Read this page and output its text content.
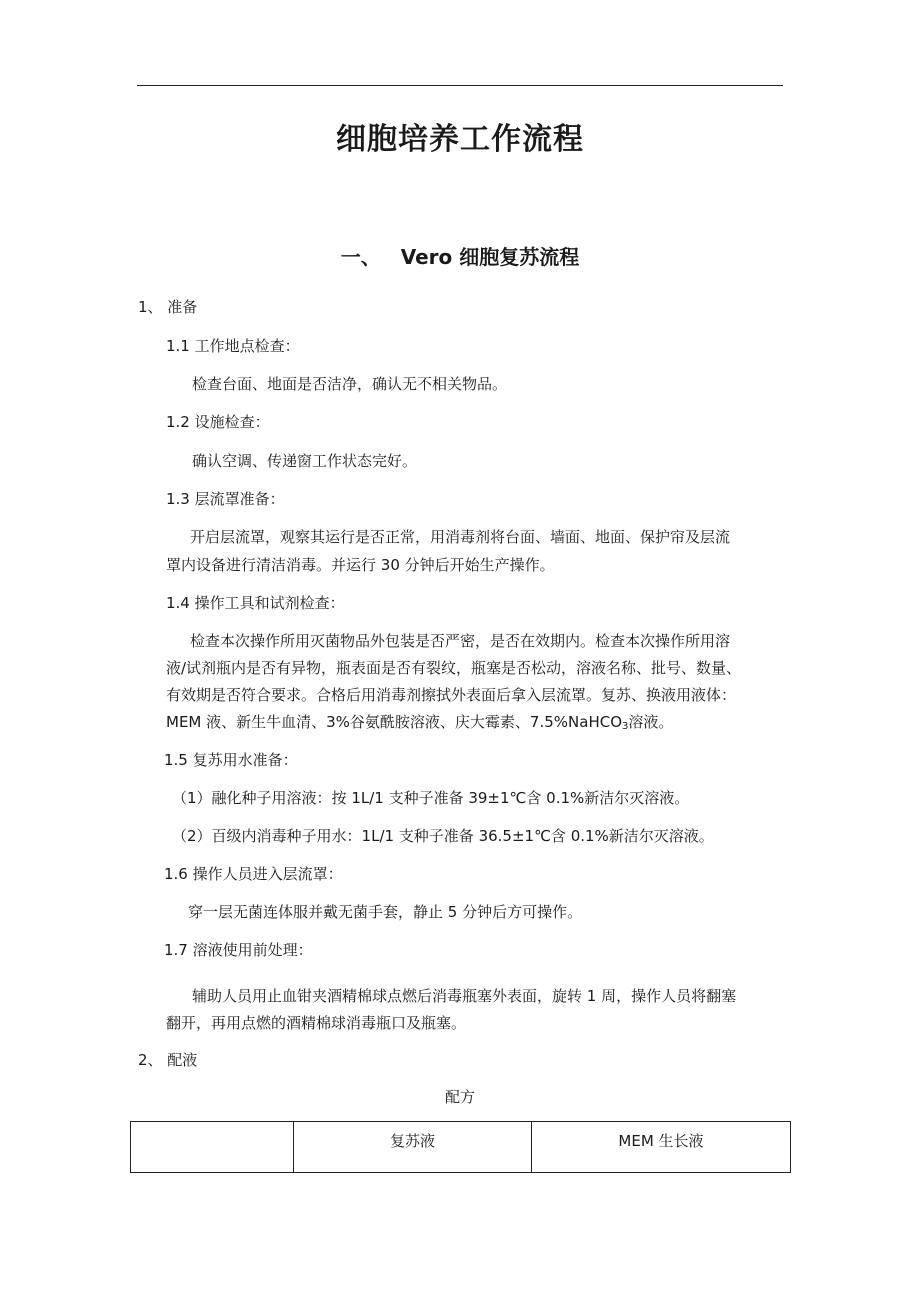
细胞培养工作流程
一、 Vero 细胞复苏流程
1、 准备
1.1 工作地点检查：
检查台面、地面是否洁净，确认无不相关物品。
1.2 设施检查：
确认空调、传递窗工作状态完好。
1.3 层流罩准备：
开启层流罩，观察其运行是否正常，用消毒剂将台面、墙面、地面、保护帘及层流
罩内设备进行清洁消毒。并运行 30 分钟后开始生产操作。
1.4 操作工具和试剂检查：
检查本次操作所用灭菌物品外包装是否严密，是否在效期内。检查本次操作所用溶
液/试剂瓶内是否有异物，瓶表面是否有裂纹，瓶塞是否松动，溶液名称、批号、数量、
有效期是否符合要求。合格后用消毒剂擦拭外表面后拿入层流罩。复苏、换液用液体：
MEM 液、新生牛血清、3%谷氨酰胺溶液、庆大霉素、7.5%NaHCO$_3$溶液。
1.5 复苏用水准备：
（1）融化种子用溶液：按 1L/1 支种子准备 39±1℃含 0.1%新洁尔灭溶液。
（2）百级内消毒种子用水：1L/1 支种子准备 36.5±1℃含 0.1%新洁尔灭溶液。
1.6 操作人员进入层流罩：
穿一层无菌连体服并戴无菌手套，静止 5 分钟后方可操作。
1.7 溶液使用前处理：
辅助人员用止血钳夹酒精棉球点燃后消毒瓶塞外表面，旋转 1 周，操作人员将翻塞
翻开，再用点燃的酒精棉球消毒瓶口及瓶塞。
2、 配液
配方
	复苏液	MEM 生长液
